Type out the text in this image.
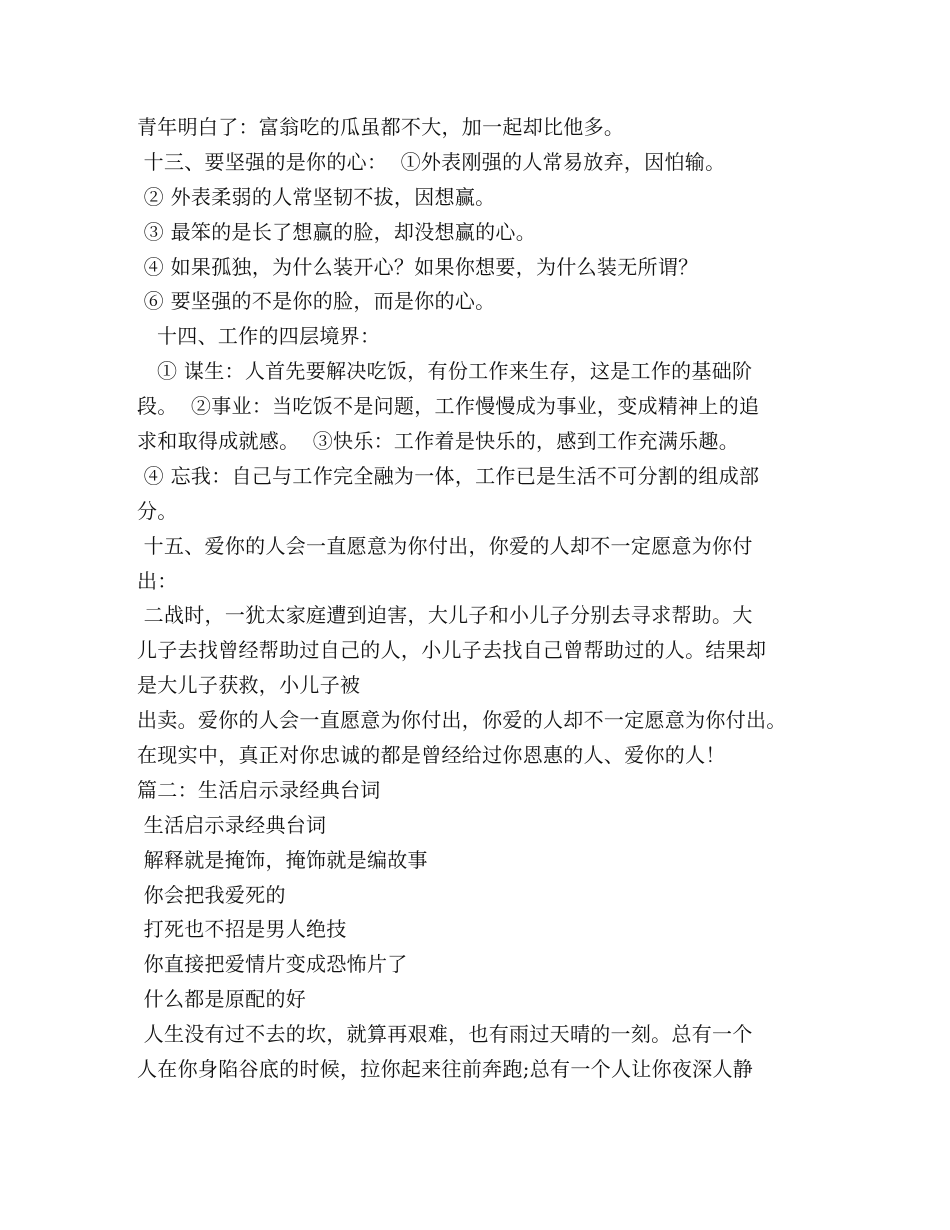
青年明白了：富翁吃的瓜虽都不大，加一起却比他多。
十三、要坚强的是你的心：  ①外表刚强的人常易放弃，因怕输。
② 外表柔弱的人常坚韧不拔，因想赢。
③ 最笨的是长了想赢的脸，却没想赢的心。
④ 如果孤独，为什么装开心？如果你想要，为什么装无所谓？
⑥ 要坚强的不是你的脸，而是你的心。
十四、工作的四层境界：
① 谋生：人首先要解决吃饭，有份工作来生存，这是工作的基础阶
段。  ②事业：当吃饭不是问题，工作慢慢成为事业，变成精神上的追
求和取得成就感。  ③快乐：工作着是快乐的，感到工作充满乐趣。
④ 忘我：自己与工作完全融为一体，工作已是生活不可分割的组成部
分。
十五、爱你的人会一直愿意为你付出，你爱的人却不一定愿意为你付
出：
二战时，一犹太家庭遭到迫害，大儿子和小儿子分别去寻求帮助。大
儿子去找曾经帮助过自己的人，小儿子去找自己曾帮助过的人。结果却
是大儿子获救，小儿子被
出卖。爱你的人会一直愿意为你付出，你爱的人却不一定愿意为你付出。
在现实中，真正对你忠诚的都是曾经给过你恩惠的人、爱你的人！
篇二：生活启示录经典台词
生活启示录经典台词
解释就是掩饰，掩饰就是编故事
你会把我爱死的
打死也不招是男人绝技
你直接把爱情片变成恐怖片了
什么都是原配的好
人生没有过不去的坎，就算再艰难，也有雨过天晴的一刻。总有一个
人在你身陷谷底的时候，拉你起来往前奔跑;总有一个人让你夜深人静
